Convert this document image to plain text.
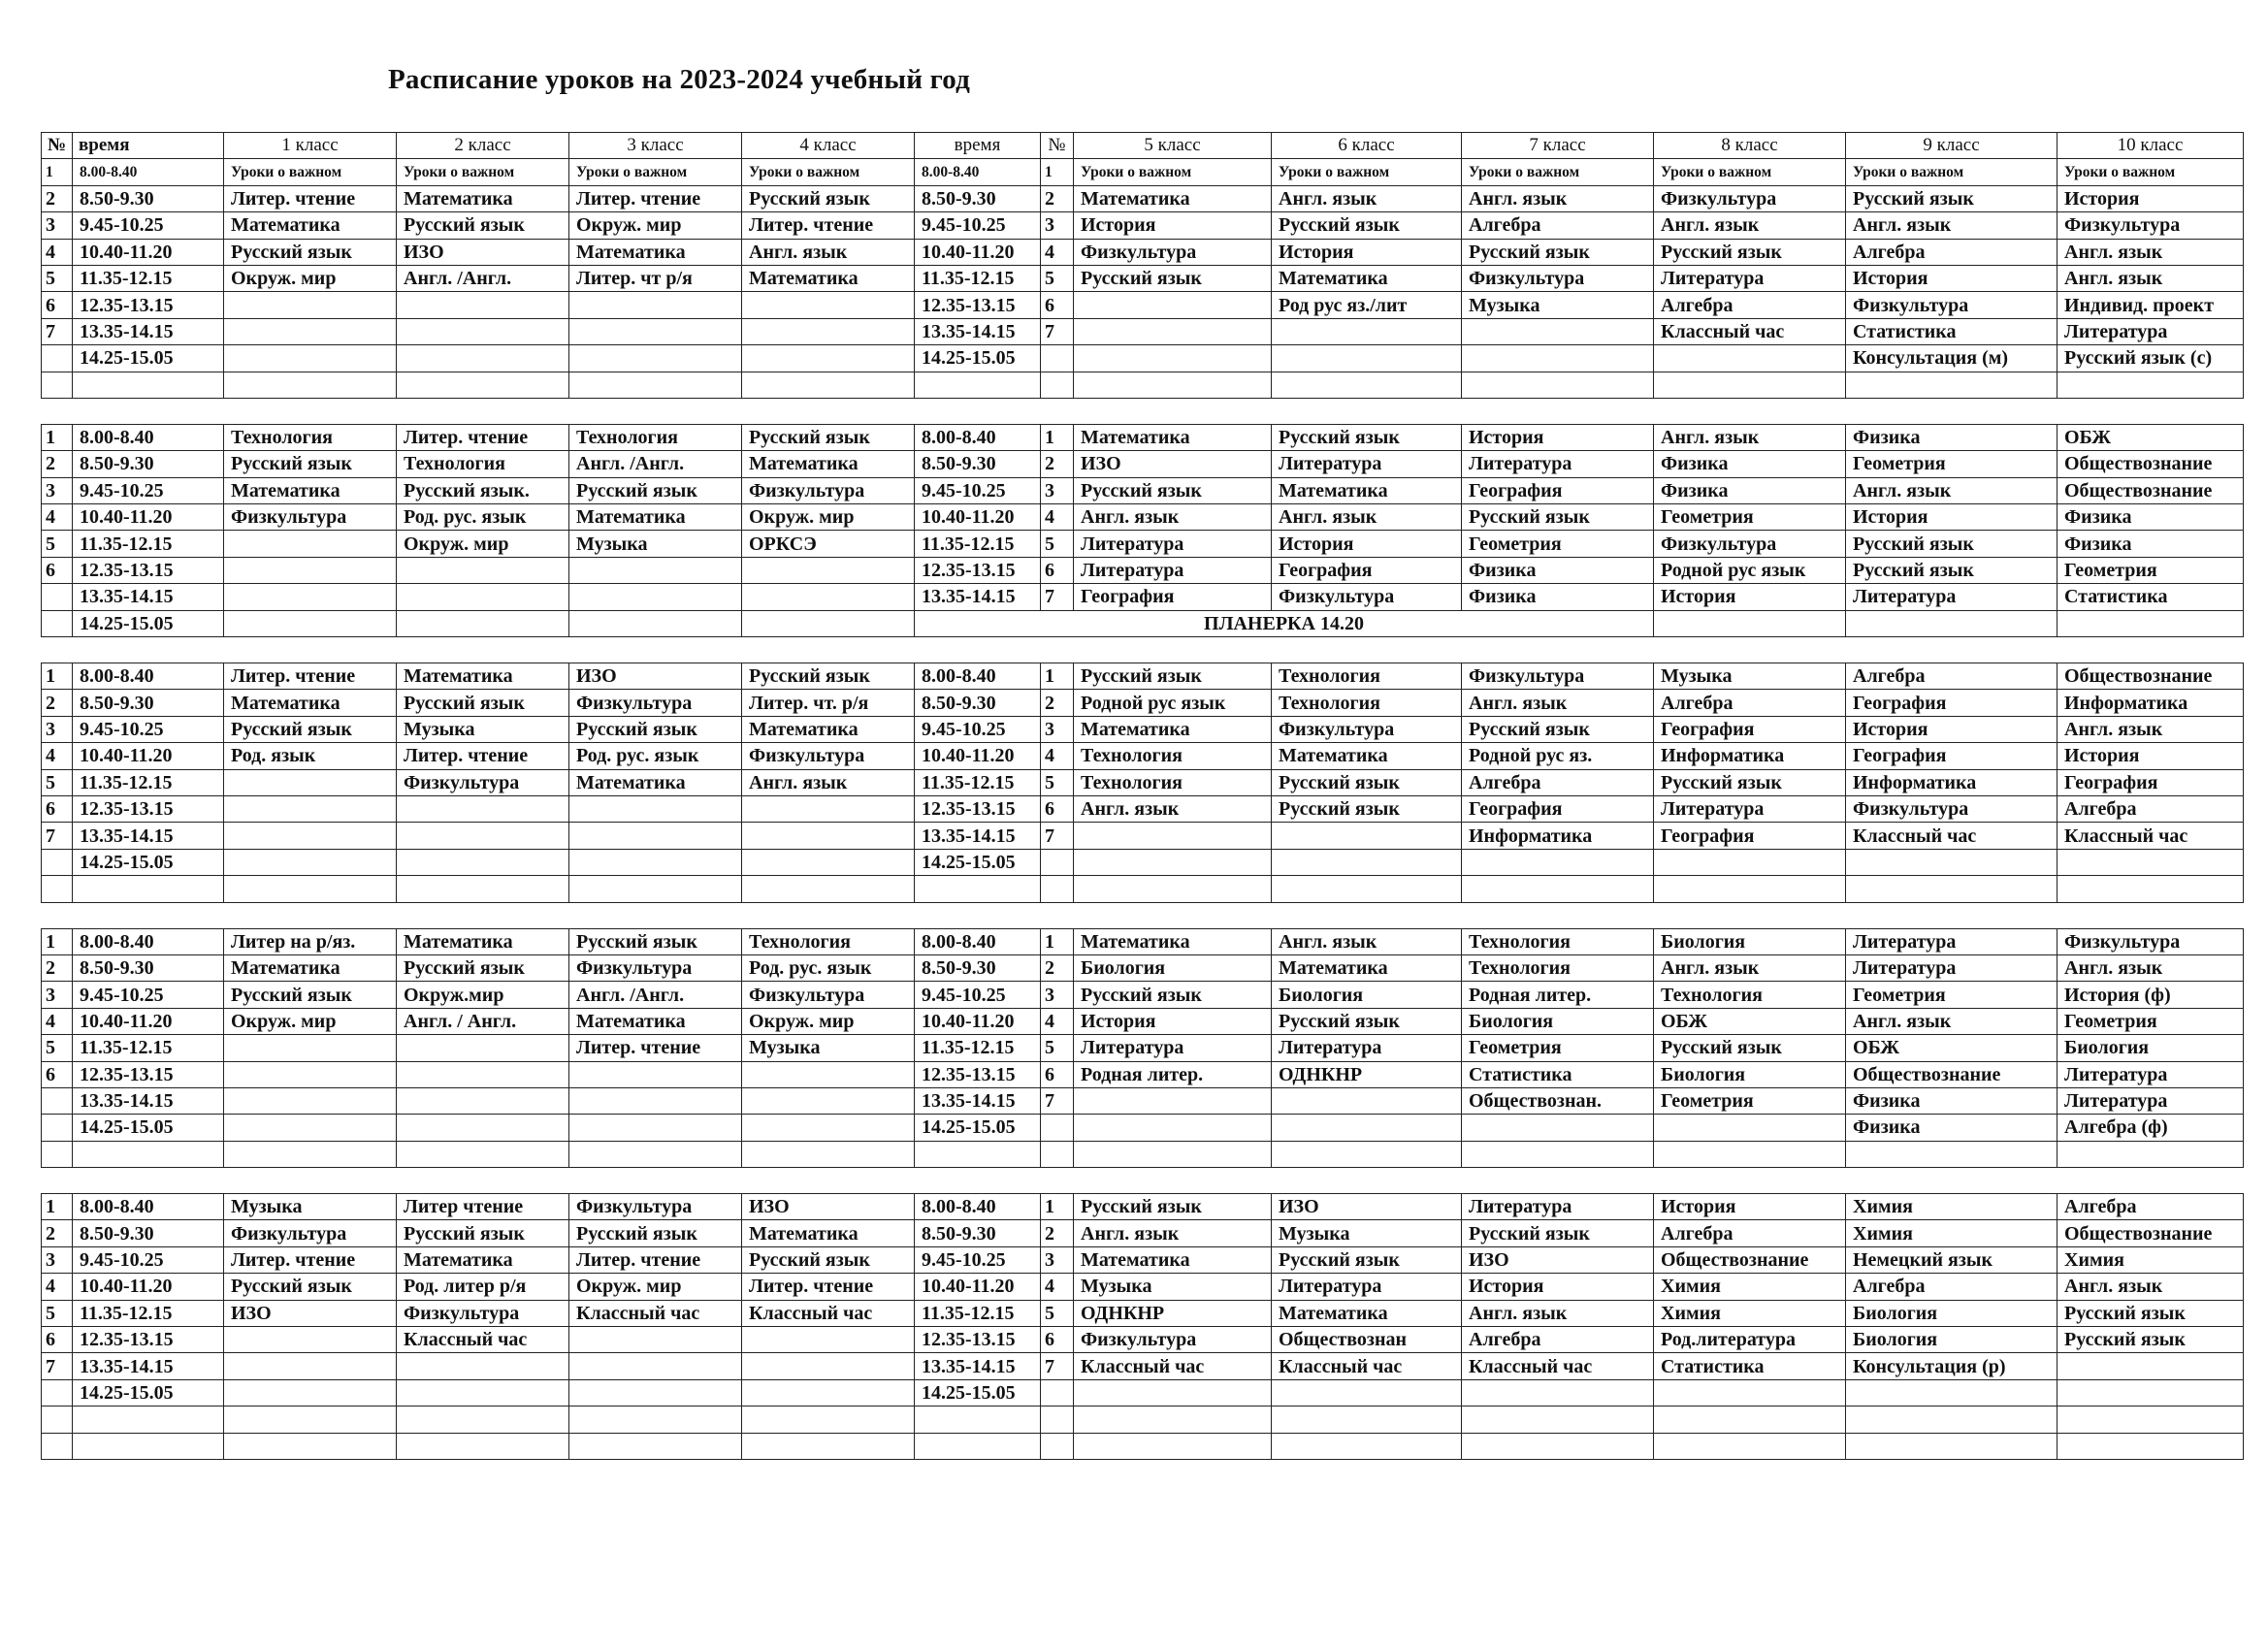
Расписание уроков на 2023-2024 учебный год
№	время	1 класс	2 класс	3 класс	4 класс	время	№	5 класс	6 класс	7 класс	8 класс	9 класс	10 класс
1	8.00-8.40	Уроки о важном	Уроки о важном	Уроки о важном	Уроки о важном	8.00-8.40	1	Уроки о важном	Уроки о важном	Уроки о важном	Уроки о важном	Уроки о важном	Уроки о важном
2	8.50-9.30	Литер. чтение	Математика	Литер. чтение	Русский язык	8.50-9.30	2	Математика	Англ. язык	Англ. язык	Физкультура	Русский язык	История
3	9.45-10.25	Математика	Русский язык	Окруж. мир	Литер. чтение	9.45-10.25	3	История	Русский язык	Алгебра	Англ. язык	Англ. язык	Физкультура
4	10.40-11.20	Русский язык	ИЗО	Математика	Англ. язык	10.40-11.20	4	Физкультура	История	Русский язык	Русский язык	Алгебра	Англ. язык
5	11.35-12.15	Окруж. мир	Англ. /Англ.	Литер. чт р/я	Математика	11.35-12.15	5	Русский язык	Математика	Физкультура	Литература	История	Англ. язык
6	12.35-13.15					12.35-13.15	6		Род рус яз./лит	Музыка	Алгебра	Физкультура	Индивид. проект
7	13.35-14.15					13.35-14.15	7				Классный час	Статистика	Литература
	14.25-15.05					14.25-15.05						Консультация (м)	Русский язык (с)

1	8.00-8.40	Технология	Литер. чтение	Технология	Русский язык	8.00-8.40	1	Математика	Русский язык	История	Англ. язык	Физика	ОБЖ
2	8.50-9.30	Русский язык	Технология	Англ. /Англ.	Математика	8.50-9.30	2	ИЗО	Литература	Литература	Физика	Геометрия	Обществознание
3	9.45-10.25	Математика	Русский язык.	Русский язык	Физкультура	9.45-10.25	3	Русский язык	Математика	География	Физика	Англ. язык	Обществознание
4	10.40-11.20	Физкультура	Род. рус. язык	Математика	Окруж. мир	10.40-11.20	4	Англ. язык	Англ. язык	Русский язык	Геометрия	История	Физика
5	11.35-12.15		Окруж. мир	Музыка	ОРКСЭ	11.35-12.15	5	Литература	История	Геометрия	Физкультура	Русский язык	Физика
6	12.35-13.15					12.35-13.15	6	Литература	География	Физика	Родной рус язык	Русский язык	Геометрия
	13.35-14.15					13.35-14.15	7	География	Физкультура	Физика	История	Литература	Статистика
	14.25-15.05					ПЛАНЕРКА 14.20							

1	8.00-8.40	Литер. чтение	Математика	ИЗО	Русский язык	8.00-8.40	1	Русский язык	Технология	Физкультура	Музыка	Алгебра	Обществознание
2	8.50-9.30	Математика	Русский язык	Физкультура	Литер. чт. р/я	8.50-9.30	2	Родной рус язык	Технология	Англ. язык	Алгебра	География	Информатика
3	9.45-10.25	Русский язык	Музыка	Русский язык	Математика	9.45-10.25	3	Математика	Физкультура	Русский язык	География	История	Англ. язык
4	10.40-11.20	Род. язык	Литер. чтение	Род. рус. язык	Физкультура	10.40-11.20	4	Технология	Математика	Родной рус яз.	Информатика	География	История
5	11.35-12.15		Физкультура	Математика	Англ. язык	11.35-12.15	5	Технология	Русский язык	Алгебра	Русский язык	Информатика	География
6	12.35-13.15					12.35-13.15	6	Англ. язык	Русский язык	География	Литература	Физкультура	Алгебра
7	13.35-14.15					13.35-14.15	7			Информатика	География	Классный час	Классный час
	14.25-15.05					14.25-15.05							

1	8.00-8.40	Литер на р/яз.	Математика	Русский язык	Технология	8.00-8.40	1	Математика	Англ. язык	Технология	Биология	Литература	Физкультура
2	8.50-9.30	Математика	Русский язык	Физкультура	Род. рус. язык	8.50-9.30	2	Биология	Математика	Технология	Англ. язык	Литература	Англ. язык
3	9.45-10.25	Русский язык	Окруж.мир	Англ. /Англ.	Физкультура	9.45-10.25	3	Русский язык	Биология	Родная литер.	Технология	Геометрия	История (ф)
4	10.40-11.20	Окруж. мир	Англ. / Англ.	Математика	Окруж. мир	10.40-11.20	4	История	Русский язык	Биология	ОБЖ	Англ. язык	Геометрия
5	11.35-12.15			Литер. чтение	Музыка	11.35-12.15	5	Литература	Литература	Геометрия	Русский язык	ОБЖ	Биология
6	12.35-13.15					12.35-13.15	6	Родная литер.	ОДНКНР	Статистика	Биология	Обществознание	Литература
	13.35-14.15					13.35-14.15	7			Обществознан.	Геометрия	Физика	Литература
	14.25-15.05					14.25-15.05						Физика	Алгебра (ф)

1	8.00-8.40	Музыка	Литер чтение	Физкультура	ИЗО	8.00-8.40	1	Русский язык	ИЗО	Литература	История	Химия	Алгебра
2	8.50-9.30	Физкультура	Русский язык	Русский язык	Математика	8.50-9.30	2	Англ. язык	Музыка	Русский язык	Алгебра	Химия	Обществознание
3	9.45-10.25	Литер. чтение	Математика	Литер. чтение	Русский язык	9.45-10.25	3	Математика	Русский язык	ИЗО	Обществознание	Немецкий язык	Химия
4	10.40-11.20	Русский язык	Род. литер р/я	Окруж. мир	Литер. чтение	10.40-11.20	4	Музыка	Литература	История	Химия	Алгебра	Англ. язык
5	11.35-12.15	ИЗО	Физкультура	Классный час	Классный час	11.35-12.15	5	ОДНКНР	Математика	Англ. язык	Химия	Биология	Русский язык
6	12.35-13.15		Классный час			12.35-13.15	6	Физкультура	Обществознан	Алгебра	Род.литература	Биология	Русский язык
7	13.35-14.15					13.35-14.15	7	Классный час	Классный час	Классный час	Статистика	Консультация (р)	
	14.25-15.05					14.25-15.05							
